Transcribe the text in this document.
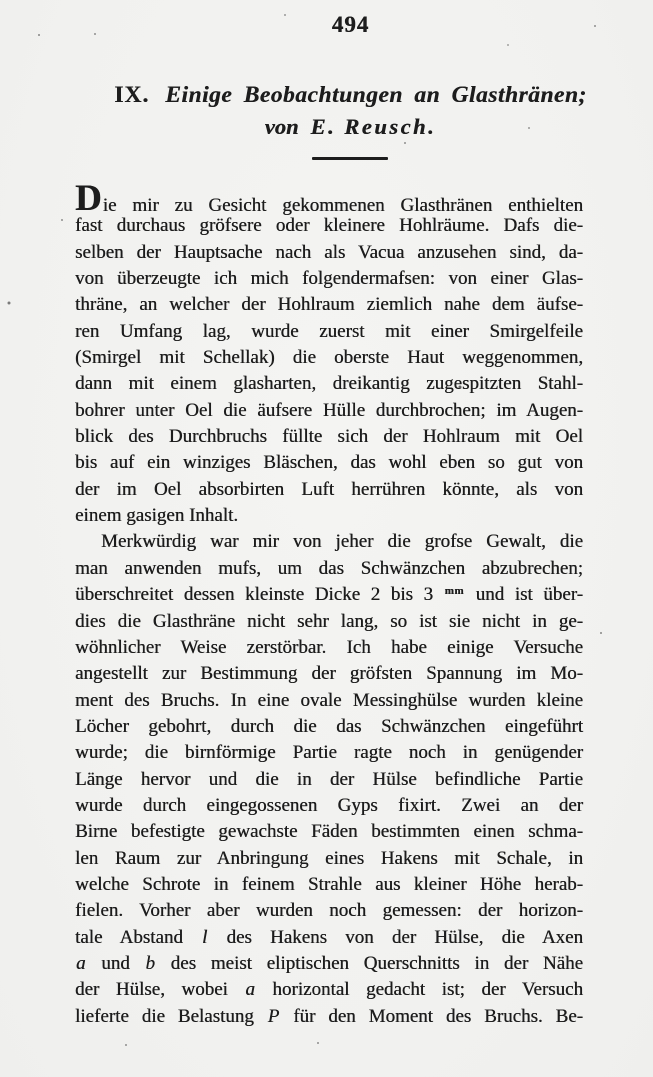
494
IX. Einige Beobachtungen an Glasthränen;
von E. Reusch.
Die mir zu Gesicht gekommenen Glasthränen enthielten
fast durchaus gröfsere oder kleinere Hohlräume. Dafs die-
selben der Hauptsache nach als Vacua anzusehen sind, da-
von überzeugte ich mich folgendermafsen: von einer Glas-
thräne, an welcher der Hohlraum ziemlich nahe dem äufse-
ren Umfang lag, wurde zuerst mit einer Smirgelfeile
(Smirgel mit Schellak) die oberste Haut weggenommen,
dann mit einem glasharten, dreikantig zugespitzten Stahl-
bohrer unter Oel die äufsere Hülle durchbrochen; im Augen-
blick des Durchbruchs füllte sich der Hohlraum mit Oel
bis auf ein winziges Bläschen, das wohl eben so gut von
der im Oel absorbirten Luft herrühren könnte, als von
einem gasigen Inhalt.
Merkwürdig war mir von jeher die grofse Gewalt, die
man anwenden mufs, um das Schwänzchen abzubrechen;
überschreitet dessen kleinste Dicke 2 bis 3 $^{mm}$ und ist über-
dies die Glasthräne nicht sehr lang, so ist sie nicht in ge-
wöhnlicher Weise zerstörbar. Ich habe einige Versuche
angestellt zur Bestimmung der gröfsten Spannung im Mo-
ment des Bruchs. In eine ovale Messinghülse wurden kleine
Löcher gebohrt, durch die das Schwänzchen eingeführt
wurde; die birnförmige Partie ragte noch in genügender
Länge hervor und die in der Hülse befindliche Partie
wurde durch eingegossenen Gyps fixirt. Zwei an der
Birne befestigte gewachste Fäden bestimmten einen schma-
len Raum zur Anbringung eines Hakens mit Schale, in
welche Schrote in feinem Strahle aus kleiner Höhe herab-
fielen. Vorher aber wurden noch gemessen: der horizon-
tale Abstand l des Hakens von der Hülse, die Axen
a und b des meist eliptischen Querschnitts in der Nähe
der Hülse, wobei a horizontal gedacht ist; der Versuch
lieferte die Belastung P für den Moment des Bruchs. Be-
